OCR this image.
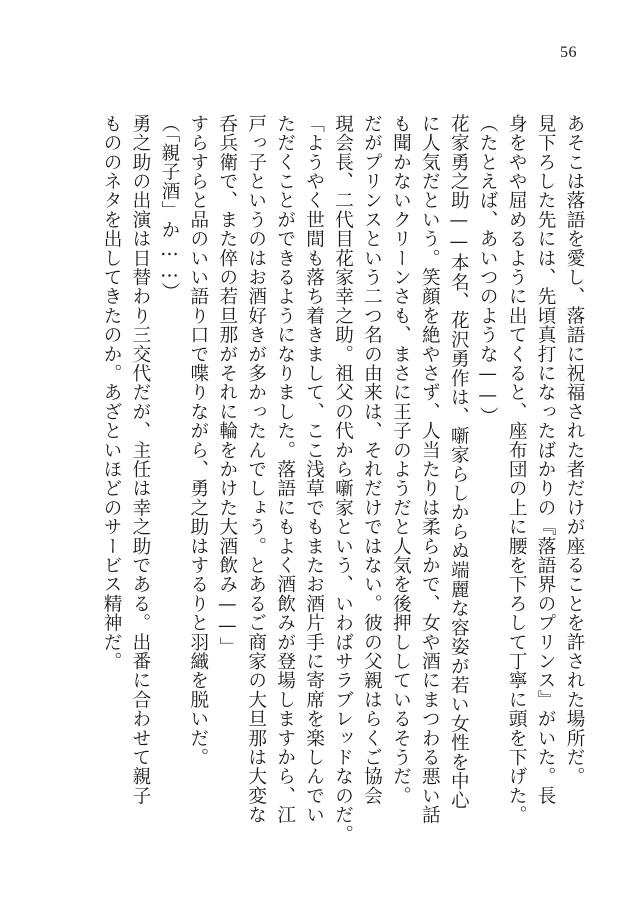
56
あそこは落語を愛し、落語に祝福された者だけが座ることを許された場所だ。
見下ろした先には、先頃真打になったばかりの『落語界のプリンス』がいた。長
身をやや屈めるように出てくると、座布団の上に腰を下ろして丁寧に頭を下げた。
（たとえば、あいつのような——）
花家勇之助——本名、花沢勇作は、噺家らしからぬ端麗な容姿が若い女性を中心
に人気だという。笑顔を絶やさず、人当たりは柔らかで、女や酒にまつわる悪い話
も聞かないクリーンさも、まさに王子のようだと人気を後押ししているそうだ。
だがプリンスという二つ名の由来は、それだけではない。彼の父親はらくご協会
現会長、二代目花家幸之助。祖父の代から噺家という、いわばサラブレッドなのだ。
「ようやく世間も落ち着きまして、ここ浅草でもまたお酒片手に寄席を楽しんでい
ただくことができるようになりました。落語にもよく酒飲みが登場しますから、江
戸っ子というのはお酒好きが多かったんでしょう。とあるご商家の大旦那は大変な
呑兵衛で、また倅の若旦那がそれに輪をかけた大酒飲み——」
すらすらと品のいい語り口で喋りながら、勇之助はするりと羽織を脱いだ。
（「親子酒」か……）
勇之助の出演は日替わり三交代だが、主任は幸之助である。出番に合わせて親子
もののネタを出してきたのか。あざといほどのサービス精神だ。
